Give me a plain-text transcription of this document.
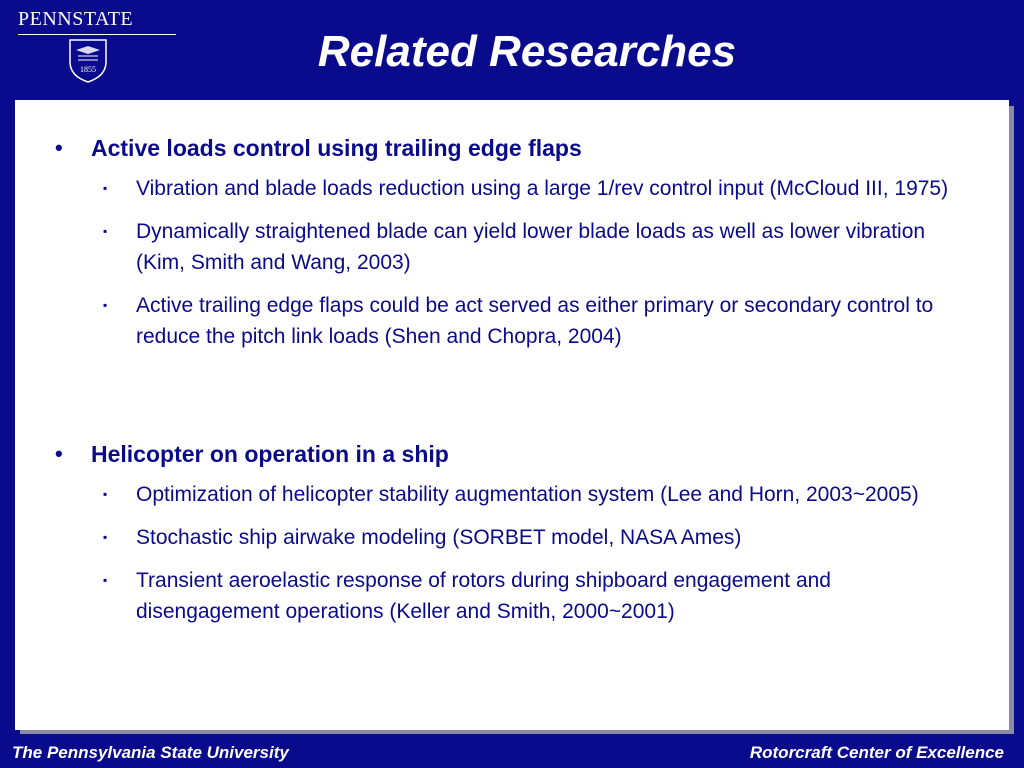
PENNSTATE
1855	Related Researches
• Active loads control using trailing edge flaps
▪ Vibration and blade loads reduction using a large 1/rev control input (McCloud III, 1975)
▪ Dynamically straightened blade can yield lower blade loads as well as lower vibration (Kim, Smith and Wang, 2003)
▪ Active trailing edge flaps could be act served as either primary or secondary control to reduce the pitch link loads (Shen and Chopra, 2004)
• Helicopter on operation in a ship
▪ Optimization of helicopter stability augmentation system (Lee and Horn, 2003~2005)
▪ Stochastic ship airwake modeling (SORBET model, NASA Ames)
▪ Transient aeroelastic response of rotors during shipboard engagement and disengagement operations (Keller and Smith, 2000~2001)
The Pennsylvania State University	Rotorcraft Center of Excellence
